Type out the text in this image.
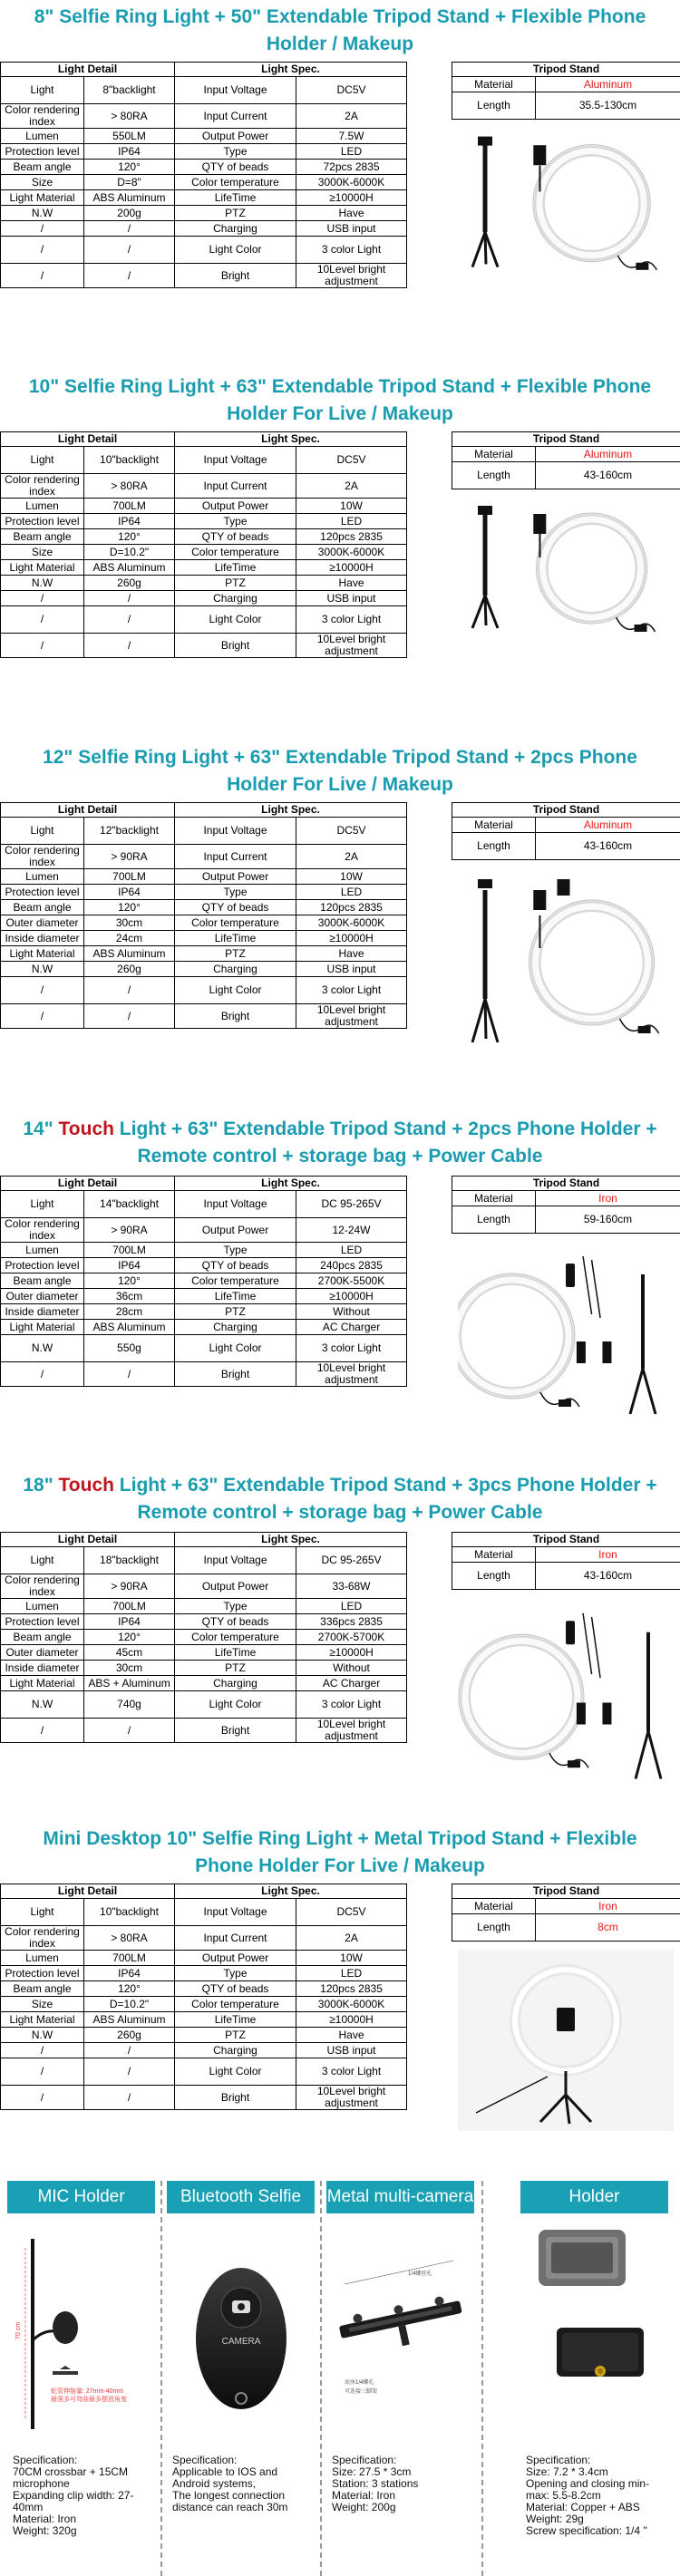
8" Selfie Ring Light + 50" Extendable Tripod Stand + Flexible Phone Holder / Makeup
Light Detail		Light Spec.	
Light	8"backlight	Input Voltage	DC5V
Color rendering index	> 80RA	Input Current	2A
Lumen	550LM	Output Power	7.5W
Protection level	IP64	Type	LED
Beam angle	120°	QTY of beads	72pcs 2835
Size	D=8"	Color temperature	3000K-6000K
Light Material	ABS Aluminum	LifeTime	≥10000H
N.W	200g	PTZ	Have
/	/	Charging	USB input
/	/	Light Color	3 color Light
/	/	Bright	10Level bright adjustment
Tripod Stand	
Material	Aluminum
Length	35.5-130cm
10" Selfie Ring Light + 63" Extendable Tripod Stand + Flexible Phone Holder For Live / Makeup
Light Detail		Light Spec.	
Light	10"backlight	Input Voltage	DC5V
Color rendering index	> 80RA	Input Current	2A
Lumen	700LM	Output Power	10W
Protection level	IP64	Type	LED
Beam angle	120°	QTY of beads	120pcs 2835
Size	D=10.2"	Color temperature	3000K-6000K
Light Material	ABS Aluminum	LifeTime	≥10000H
N.W	260g	PTZ	Have
/	/	Charging	USB input
/	/	Light Color	3 color Light
/	/	Bright	10Level bright adjustment
Tripod Stand	
Material	Aluminum
Length	43-160cm
12" Selfie Ring Light + 63" Extendable Tripod Stand + 2pcs Phone Holder For Live / Makeup
Light Detail		Light Spec.	
Light	12"backlight	Input Voltage	DC5V
Color rendering index	> 90RA	Input Current	2A
Lumen	700LM	Output Power	10W
Protection level	IP64	Type	LED
Beam angle	120°	QTY of beads	120pcs 2835
Outer diameter	30cm	Color temperature	3000K-6000K
Inside diameter	24cm	LifeTime	≥10000H
Light Material	ABS Aluminum	PTZ	Have
N.W	260g	Charging	USB input
/	/	Light Color	3 color Light
/	/	Bright	10Level bright adjustment
Tripod Stand	
Material	Aluminum
Length	43-160cm
14" Touch Light + 63" Extendable Tripod Stand + 2pcs Phone Holder + Remote control + storage bag + Power Cable
Light Detail		Light Spec.	
Light	14"backlight	Input Voltage	DC 95-265V
Color rendering index	> 90RA	Output Power	12-24W
Lumen	700LM	Type	LED
Protection level	IP64	QTY of beads	240pcs 2835
Beam angle	120°	Color temperature	2700K-5500K
Outer diameter	36cm	LifeTime	≥10000H
Inside diameter	28cm	PTZ	Without
Light Material	ABS Aluminum	Charging	AC Charger
N.W	550g	Light Color	3 color Light
/	/	Bright	10Level bright adjustment
Tripod Stand	
Material	Iron
Length	59-160cm
18" Touch Light + 63" Extendable Tripod Stand + 3pcs Phone Holder + Remote control + storage bag + Power Cable
Light Detail		Light Spec.	
Light	18"backlight	Input Voltage	DC 95-265V
Color rendering index	> 90RA	Output Power	33-68W
Lumen	700LM	Type	LED
Protection level	IP64	QTY of beads	336pcs 2835
Beam angle	120°	Color temperature	2700K-5700K
Outer diameter	45cm	LifeTime	≥10000H
Inside diameter	30cm	PTZ	Without
Light Material	ABS + Aluminum	Charging	AC Charger
N.W	740g	Light Color	3 color Light
/	/	Bright	10Level bright adjustment
Tripod Stand	
Material	Iron
Length	43-160cm
Mini Desktop 10" Selfie Ring Light + Metal Tripod Stand + Flexible Phone Holder For Live / Makeup
Light Detail		Light Spec.	
Light	10"backlight	Input Voltage	DC5V
Color rendering index	> 80RA	Input Current	2A
Lumen	700LM	Output Power	10W
Protection level	IP64	Type	LED
Beam angle	120°	QTY of beads	120pcs 2835
Size	D=10.2"	Color temperature	3000K-6000K
Light Material	ABS Aluminum	LifeTime	≥10000H
N.W	260g	PTZ	Have
/	/	Charging	USB input
/	/	Light Color	3 color Light
/	/	Bright	10Level bright adjustment
Tripod Stand	
Material	Iron
Length	8cm
MIC Holder
70 cm
蛇管伸缩量: 27mm-40mm
最强多可弯曲最多摆放角度
Specification:
70CM crossbar + 15CM microphone
Expanding clip width: 27-40mm
Material: Iron
Weight: 320g
Bluetooth Selfie
CAMERA
Specification:
Applicable to IOS and Android systems,
The longest connection distance can reach 30m
Metal multi-camera
1/4螺丝孔
底座1/4螺孔
可连接三脚架
Specification:
Size: 27.5 * 3cm
Station: 3 stations
Material: Iron
Weight: 200g
Holder
Specification:
Size: 7.2 * 3.4cm
Opening and closing min-max: 5.5-8.2cm
Material: Copper + ABS
Weight: 29g
Screw specification: 1/4 ''
